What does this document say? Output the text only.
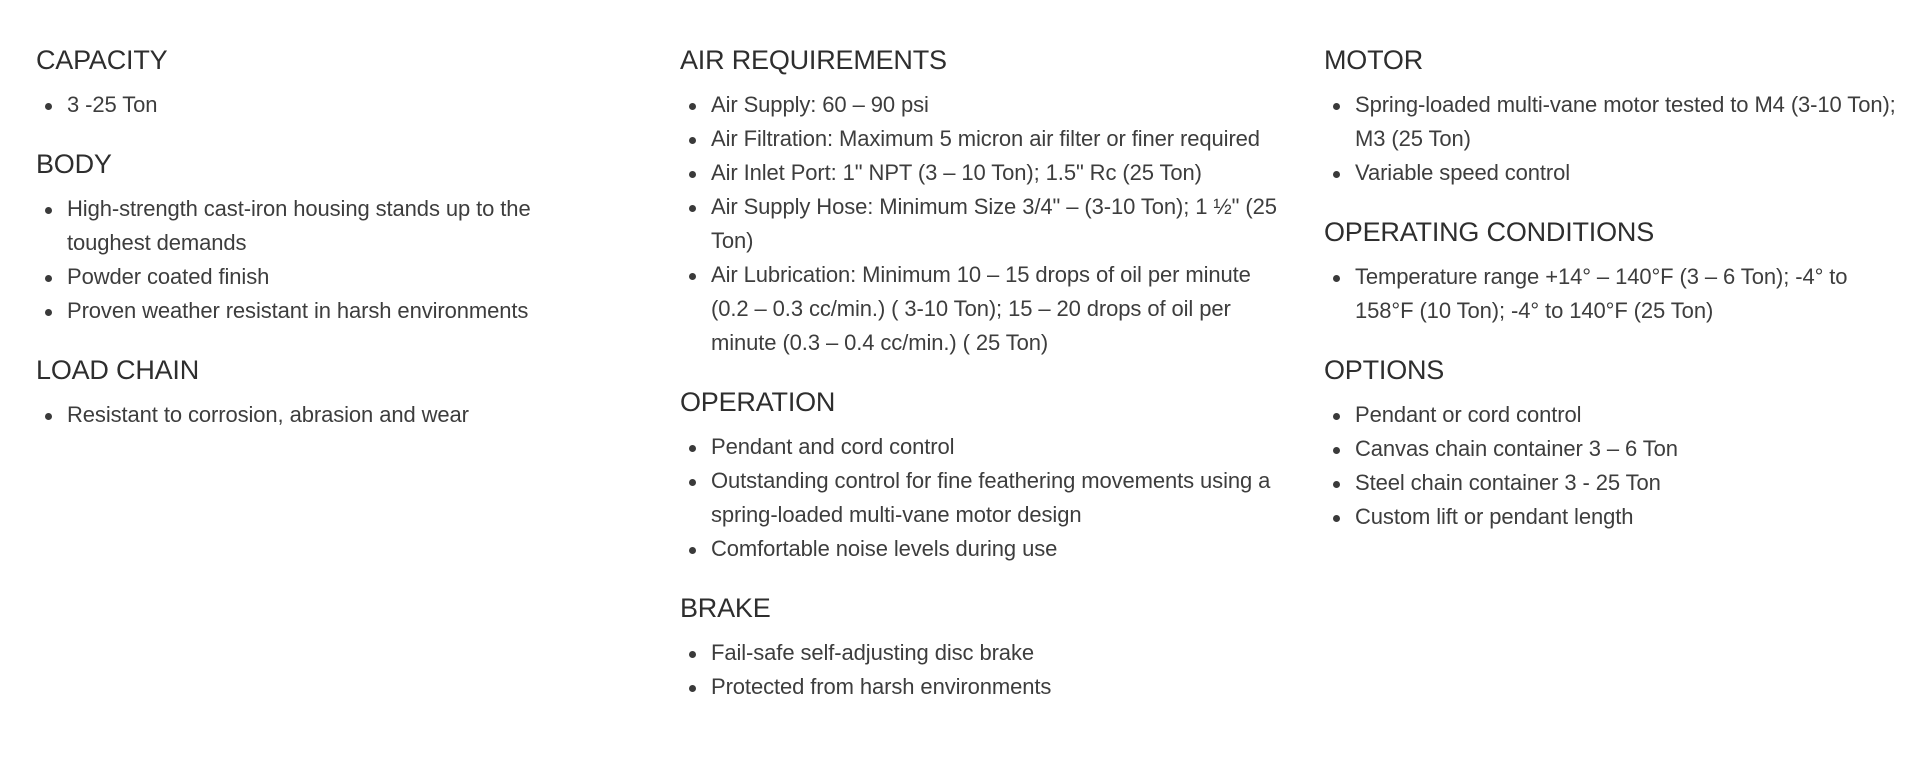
CAPACITY
3 -25 Ton
BODY
High-strength cast-iron housing stands up to the toughest demands
Powder coated finish
Proven weather resistant in harsh environments
LOAD CHAIN
Resistant to corrosion, abrasion and wear
AIR REQUIREMENTS
Air Supply: 60 – 90 psi
Air Filtration: Maximum 5 micron air filter or finer required
Air Inlet Port: 1" NPT (3 – 10 Ton); 1.5" Rc (25 Ton)
Air Supply Hose: Minimum Size 3/4" – (3-10 Ton); 1 ½" (25 Ton)
Air Lubrication: Minimum 10 – 15 drops of oil per minute (0.2 – 0.3 cc/min.) ( 3-10 Ton); 15 – 20 drops of oil per minute (0.3 – 0.4 cc/min.) ( 25 Ton)
OPERATION
Pendant and cord control
Outstanding control for fine feathering movements using a spring-loaded multi-vane motor design
Comfortable noise levels during use
BRAKE
Fail-safe self-adjusting disc brake
Protected from harsh environments
MOTOR
Spring-loaded multi-vane motor tested to M4 (3-10 Ton); M3 (25 Ton)
Variable speed control
OPERATING CONDITIONS
Temperature range +14° – 140°F (3 – 6 Ton); -4° to 158°F (10 Ton); -4° to 140°F (25 Ton)
OPTIONS
Pendant or cord control
Canvas chain container 3 – 6 Ton
Steel chain container 3 - 25 Ton
Custom lift or pendant length
